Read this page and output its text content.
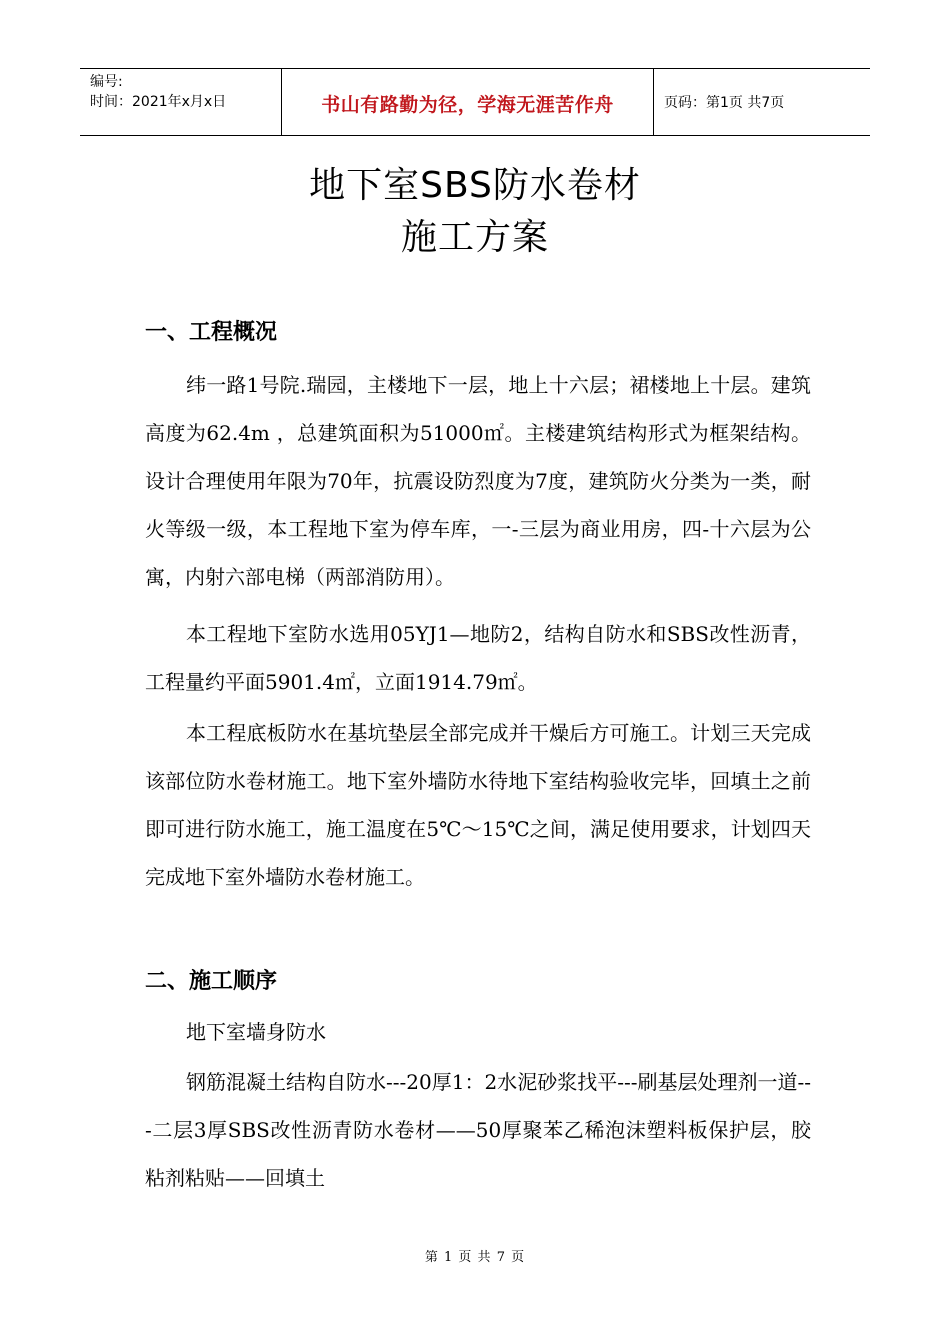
编号:
时间：2021年x月x日	书山有路勤为径，学海无涯苦作舟	页码：第1页 共7页
地下室SBS防水卷材
施工方案
一、工程概况

纬一路1号院.瑞园，主楼地下一层，地上十六层；裙楼地上十层。建筑高度为62.4m ，总建筑面积为51000㎡。主楼建筑结构形式为框架结构。设计合理使用年限为70年，抗震设防烈度为7度，建筑防火分类为一类，耐火等级一级，本工程地下室为停车库，一-三层为商业用房，四-十六层为公寓，内射六部电梯（两部消防用）。

本工程地下室防水选用05YJ1—地防2，结构自防水和SBS改性沥青，工程量约平面5901.4㎡，立面1914.79㎡。

本工程底板防水在基坑垫层全部完成并干燥后方可施工。计划三天完成该部位防水卷材施工。地下室外墙防水待地下室结构验收完毕，回填土之前即可进行防水施工，施工温度在5℃～15℃之间，满足使用要求，计划四天完成地下室外墙防水卷材施工。

二、施工顺序
地下室墙身防水

钢筋混凝土结构自防水---20厚1：2水泥砂浆找平---刷基层处理剂一道---二层3厚SBS改性沥青防水卷材——50厚聚苯乙稀泡沫塑料板保护层，胶粘剂粘贴——回填土

第 1 页 共 7 页
